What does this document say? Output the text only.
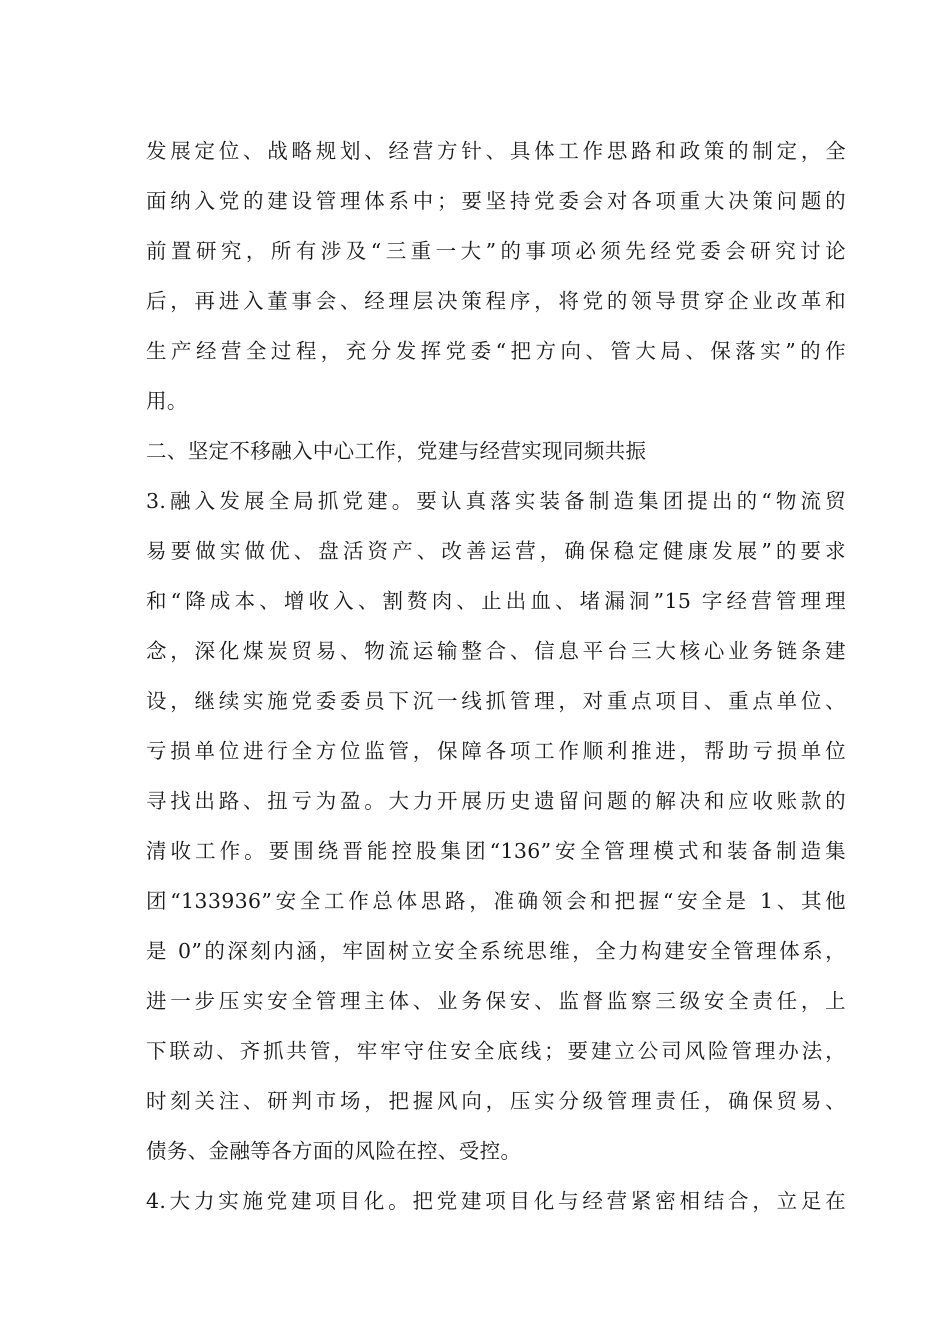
发展定位、战略规划、经营方针、具体工作思路和政策的制定，全
面纳入党的建设管理体系中；要坚持党委会对各项重大决策问题的
前置研究，所有涉及“三重一大”的事项必须先经党委会研究讨论
后，再进入董事会、经理层决策程序，将党的领导贯穿企业改革和
生产经营全过程，充分发挥党委“把方向、管大局、保落实”的作
用。
二、坚定不移融入中心工作，党建与经营实现同频共振
3.融入发展全局抓党建。要认真落实装备制造集团提出的“物流贸
易要做实做优、盘活资产、改善运营，确保稳定健康发展”的要求
和“降成本、增收入、割赘肉、止出血、堵漏洞”15 字经营管理理
念，深化煤炭贸易、物流运输整合、信息平台三大核心业务链条建
设，继续实施党委委员下沉一线抓管理，对重点项目、重点单位、
亏损单位进行全方位监管，保障各项工作顺利推进，帮助亏损单位
寻找出路、扭亏为盈。大力开展历史遗留问题的解决和应收账款的
清收工作。要围绕晋能控股集团“136”安全管理模式和装备制造集
团“133936”安全工作总体思路，准确领会和把握“安全是 1、其他
是 0”的深刻内涵，牢固树立安全系统思维，全力构建安全管理体系，
进一步压实安全管理主体、业务保安、监督监察三级安全责任，上
下联动、齐抓共管，牢牢守住安全底线；要建立公司风险管理办法，
时刻关注、研判市场，把握风向，压实分级管理责任，确保贸易、
债务、金融等各方面的风险在控、受控。
4.大力实施党建项目化。把党建项目化与经营紧密相结合，立足在
